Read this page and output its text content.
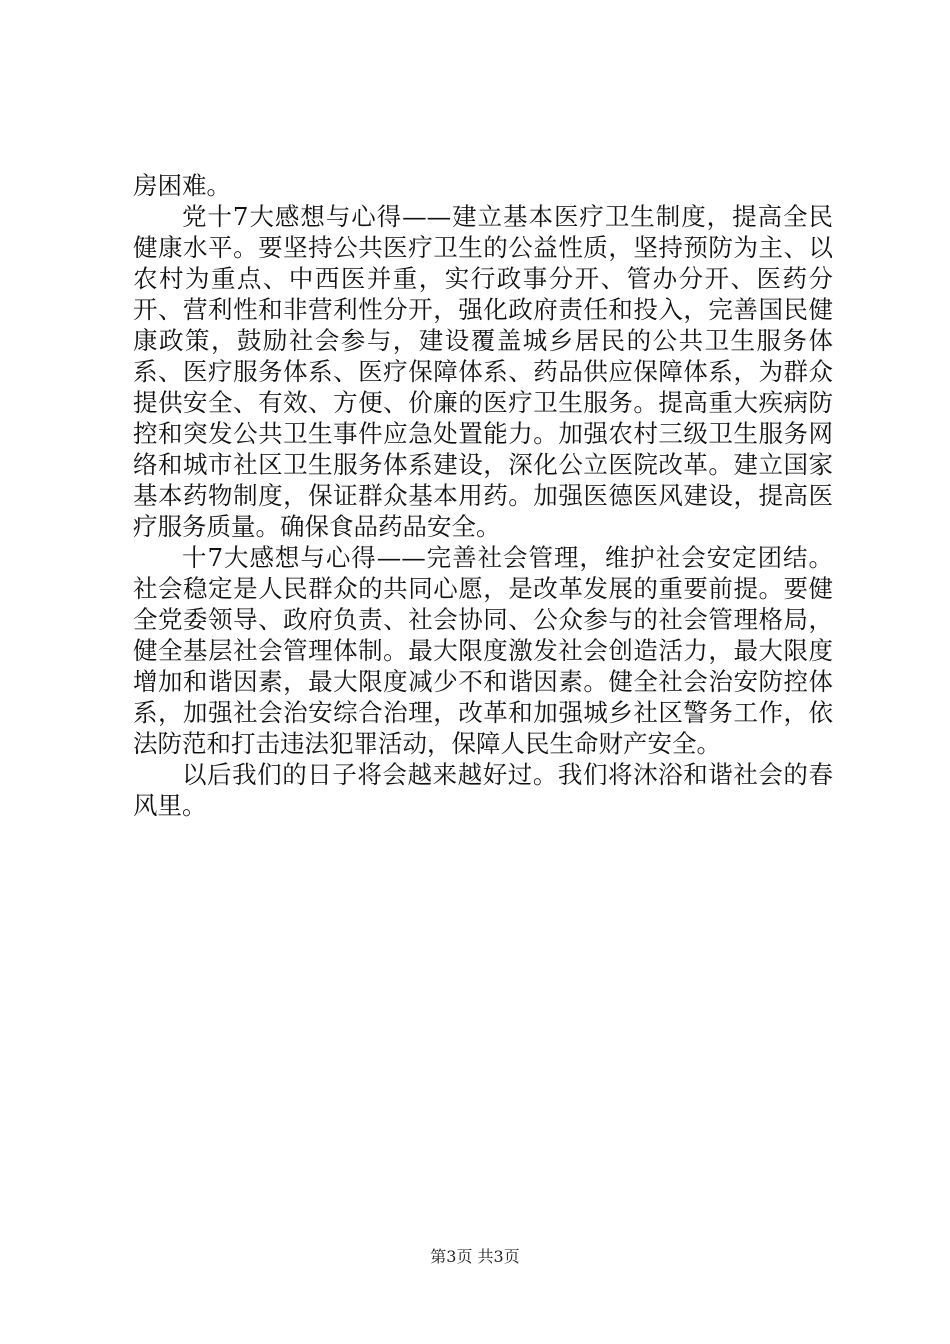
房困难。

党十7大感想与心得——建立基本医疗卫生制度，提高全民健康水平。要坚持公共医疗卫生的公益性质，坚持预防为主、以农村为重点、中西医并重，实行政事分开、管办分开、医药分开、营利性和非营利性分开，强化政府责任和投入，完善国民健康政策，鼓励社会参与，建设覆盖城乡居民的公共卫生服务体系、医疗服务体系、医疗保障体系、药品供应保障体系，为群众提供安全、有效、方便、价廉的医疗卫生服务。提高重大疾病防控和突发公共卫生事件应急处置能力。加强农村三级卫生服务网络和城市社区卫生服务体系建设，深化公立医院改革。建立国家基本药物制度，保证群众基本用药。加强医德医风建设，提高医疗服务质量。确保食品药品安全。

十7大感想与心得——完善社会管理，维护社会安定团结。社会稳定是人民群众的共同心愿，是改革发展的重要前提。要健全党委领导、政府负责、社会协同、公众参与的社会管理格局，健全基层社会管理体制。最大限度激发社会创造活力，最大限度增加和谐因素，最大限度减少不和谐因素。健全社会治安防控体系，加强社会治安综合治理，改革和加强城乡社区警务工作，依法防范和打击违法犯罪活动，保障人民生命财产安全。

以后我们的日子将会越来越好过。我们将沐浴和谐社会的春风里。

第3页 共3页
